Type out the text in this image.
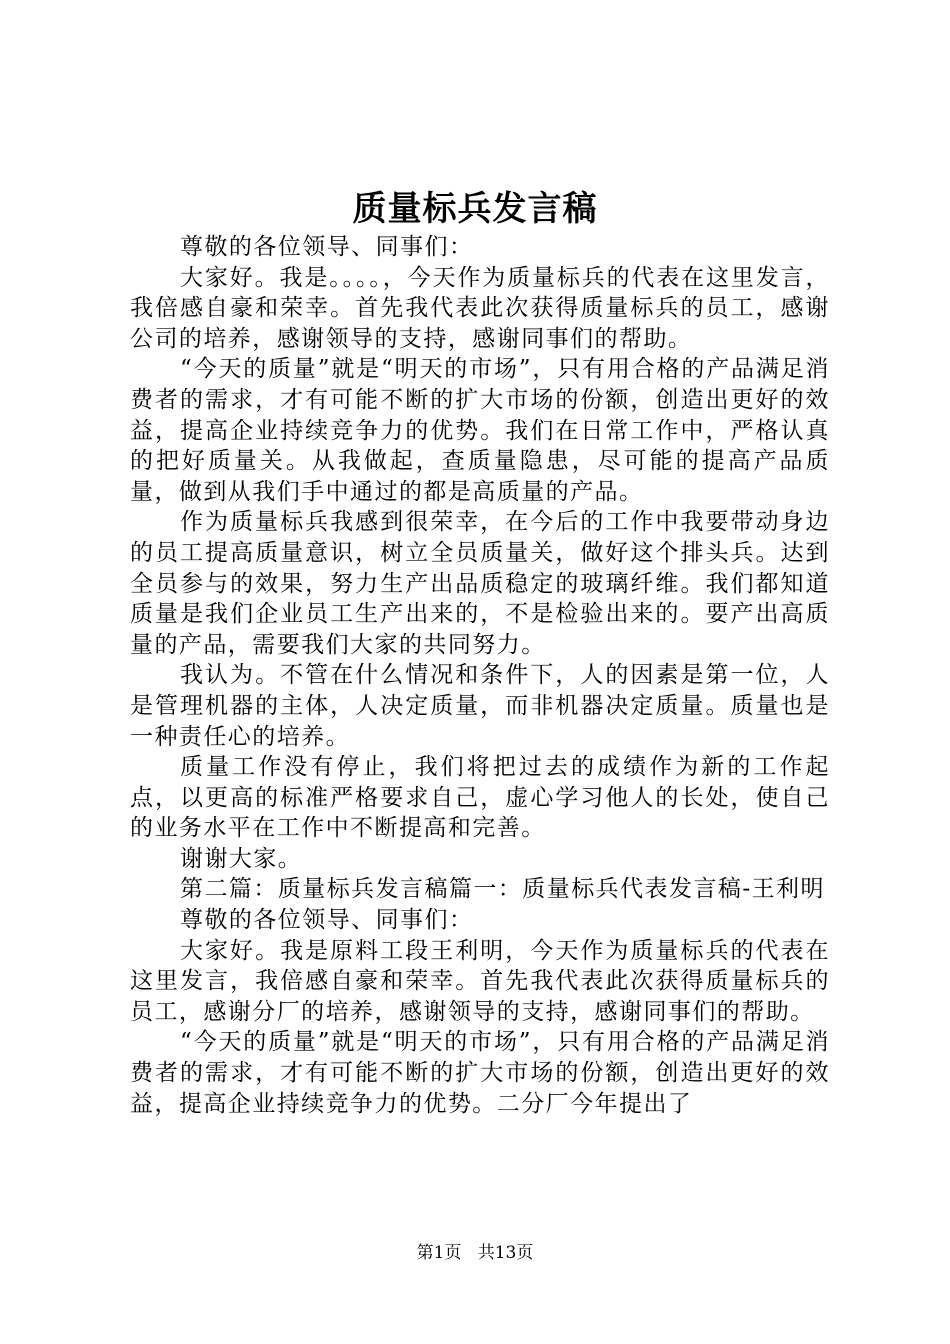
质量标兵发言稿

尊敬的各位领导、同事们：

大家好。我是。。。。，今天作为质量标兵的代表在这里发言，我倍感自豪和荣幸。首先我代表此次获得质量标兵的员工，感谢公司的培养，感谢领导的支持，感谢同事们的帮助。

“今天的质量”就是“明天的市场”，只有用合格的产品满足消费者的需求，才有可能不断的扩大市场的份额，创造出更好的效益，提高企业持续竞争力的优势。我们在日常工作中，严格认真的把好质量关。从我做起，查质量隐患，尽可能的提高产品质量，做到从我们手中通过的都是高质量的产品。

作为质量标兵我感到很荣幸，在今后的工作中我要带动身边的员工提高质量意识，树立全员质量关，做好这个排头兵。达到全员参与的效果，努力生产出品质稳定的玻璃纤维。我们都知道质量是我们企业员工生产出来的，不是检验出来的。要产出高质量的产品，需要我们大家的共同努力。

我认为。不管在什么情况和条件下，人的因素是第一位，人是管理机器的主体，人决定质量，而非机器决定质量。质量也是一种责任心的培养。

质量工作没有停止，我们将把过去的成绩作为新的工作起点，以更高的标准严格要求自己，虚心学习他人的长处，使自己的业务水平在工作中不断提高和完善。

谢谢大家。

第二篇：质量标兵发言稿篇一：质量标兵代表发言稿-王利明

尊敬的各位领导、同事们：

大家好。我是原料工段王利明，今天作为质量标兵的代表在这里发言，我倍感自豪和荣幸。首先我代表此次获得质量标兵的员工，感谢分厂的培养，感谢领导的支持，感谢同事们的帮助。

“今天的质量”就是“明天的市场”，只有用合格的产品满足消费者的需求，才有可能不断的扩大市场的份额，创造出更好的效益，提高企业持续竞争力的优势。二分厂今年提出了

第1页 共13页
